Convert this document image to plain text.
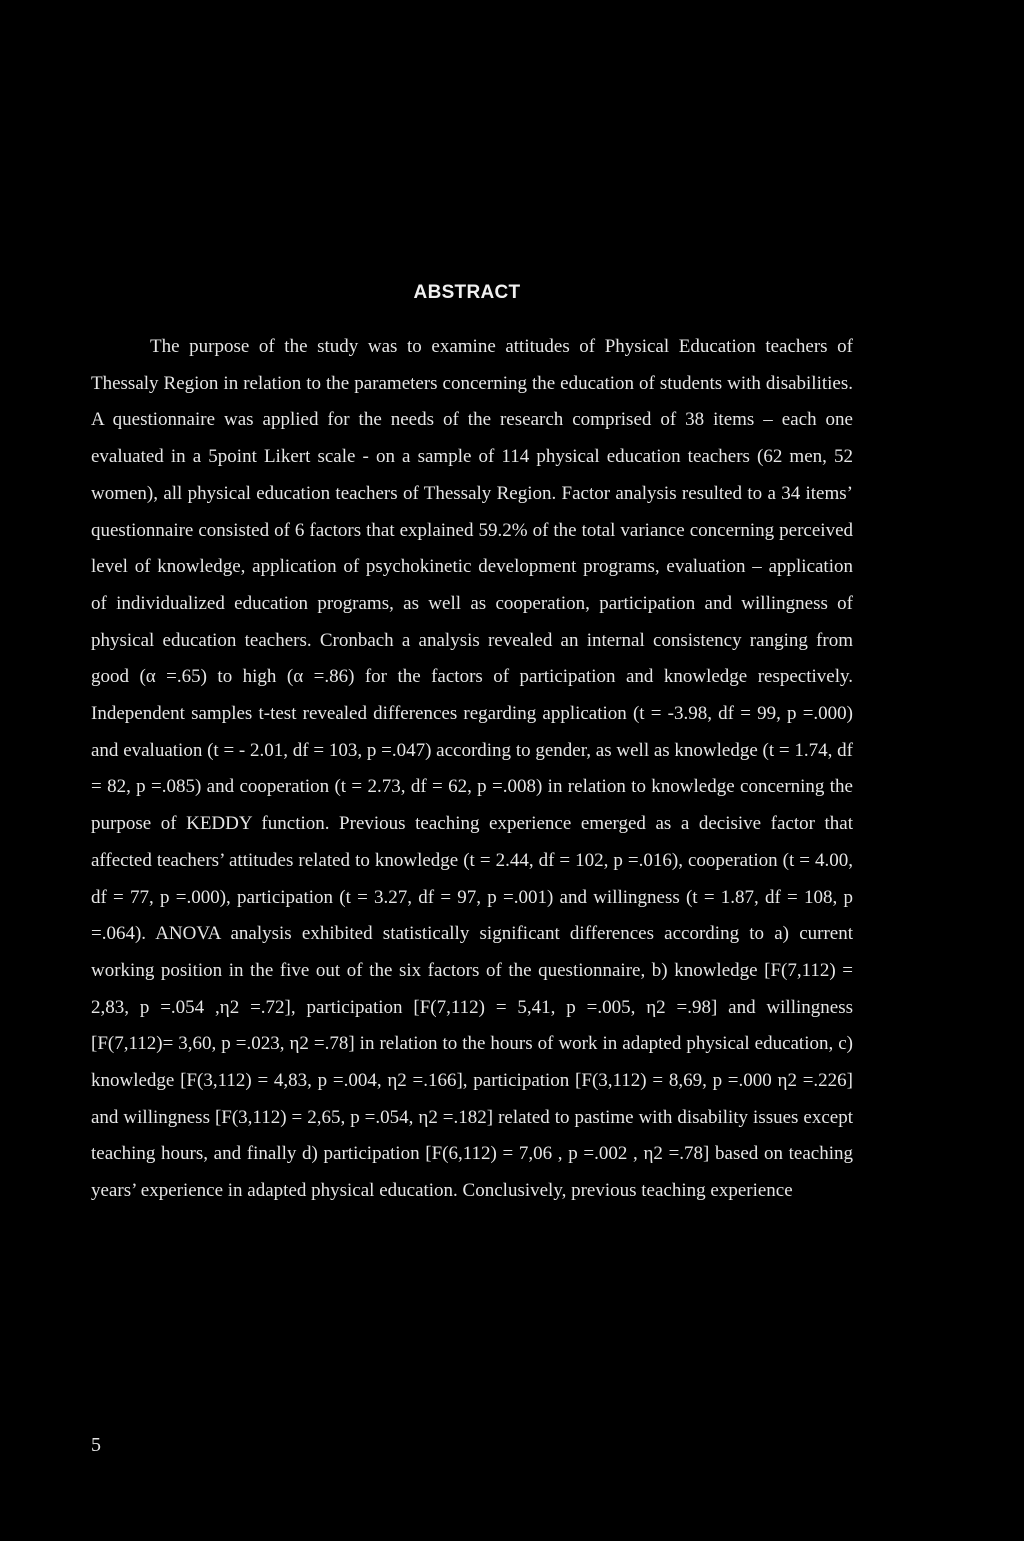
ABSTRACT

The purpose of the study was to examine attitudes of Physical Education teachers of Thessaly Region in relation to the parameters concerning the education of students with disabilities. A questionnaire was applied for the needs of the research comprised of 38 items – each one evaluated in a 5point Likert scale - on a sample of 114 physical education teachers (62 men, 52 women), all physical education teachers of Thessaly Region. Factor analysis resulted to a 34 items’ questionnaire consisted of 6 factors that explained 59.2% of the total variance concerning perceived level of knowledge, application of psychokinetic development programs, evaluation – application of individualized education programs, as well as cooperation, participation and willingness of physical education teachers. Cronbach a analysis revealed an internal consistency ranging from good (α =.65) to high (α =.86) for the factors of participation and knowledge respectively. Independent samples t-test revealed differences regarding application (t = -3.98, df = 99, p =.000) and evaluation (t = - 2.01, df = 103, p =.047) according to gender, as well as knowledge (t = 1.74, df = 82, p =.085) and cooperation (t = 2.73, df = 62, p =.008) in relation to knowledge concerning the purpose of KEDDY function. Previous teaching experience emerged as a decisive factor that affected teachers’ attitudes related to knowledge (t = 2.44, df = 102, p =.016), cooperation (t = 4.00, df = 77, p =.000), participation (t = 3.27, df = 97, p =.001) and willingness (t = 1.87, df = 108, p =.064). ANOVA analysis exhibited statistically significant differences according to a) current working position in the five out of the six factors of the questionnaire, b) knowledge [F(7,112) = 2,83, p =.054 ,η2 =.72], participation [F(7,112) = 5,41, p =.005, η2 =.98] and willingness [F(7,112)= 3,60, p =.023, η2 =.78] in relation to the hours of work in adapted physical education, c) knowledge [F(3,112) = 4,83, p =.004, η2 =.166], participation [F(3,112) = 8,69, p =.000 η2 =.226] and willingness [F(3,112) = 2,65, p =.054, η2 =.182] related to pastime with disability issues except teaching hours, and finally d) participation [F(6,112) = 7,06 , p =.002 , η2 =.78] based on teaching years’ experience in adapted physical education. Conclusively, previous teaching experience

5
